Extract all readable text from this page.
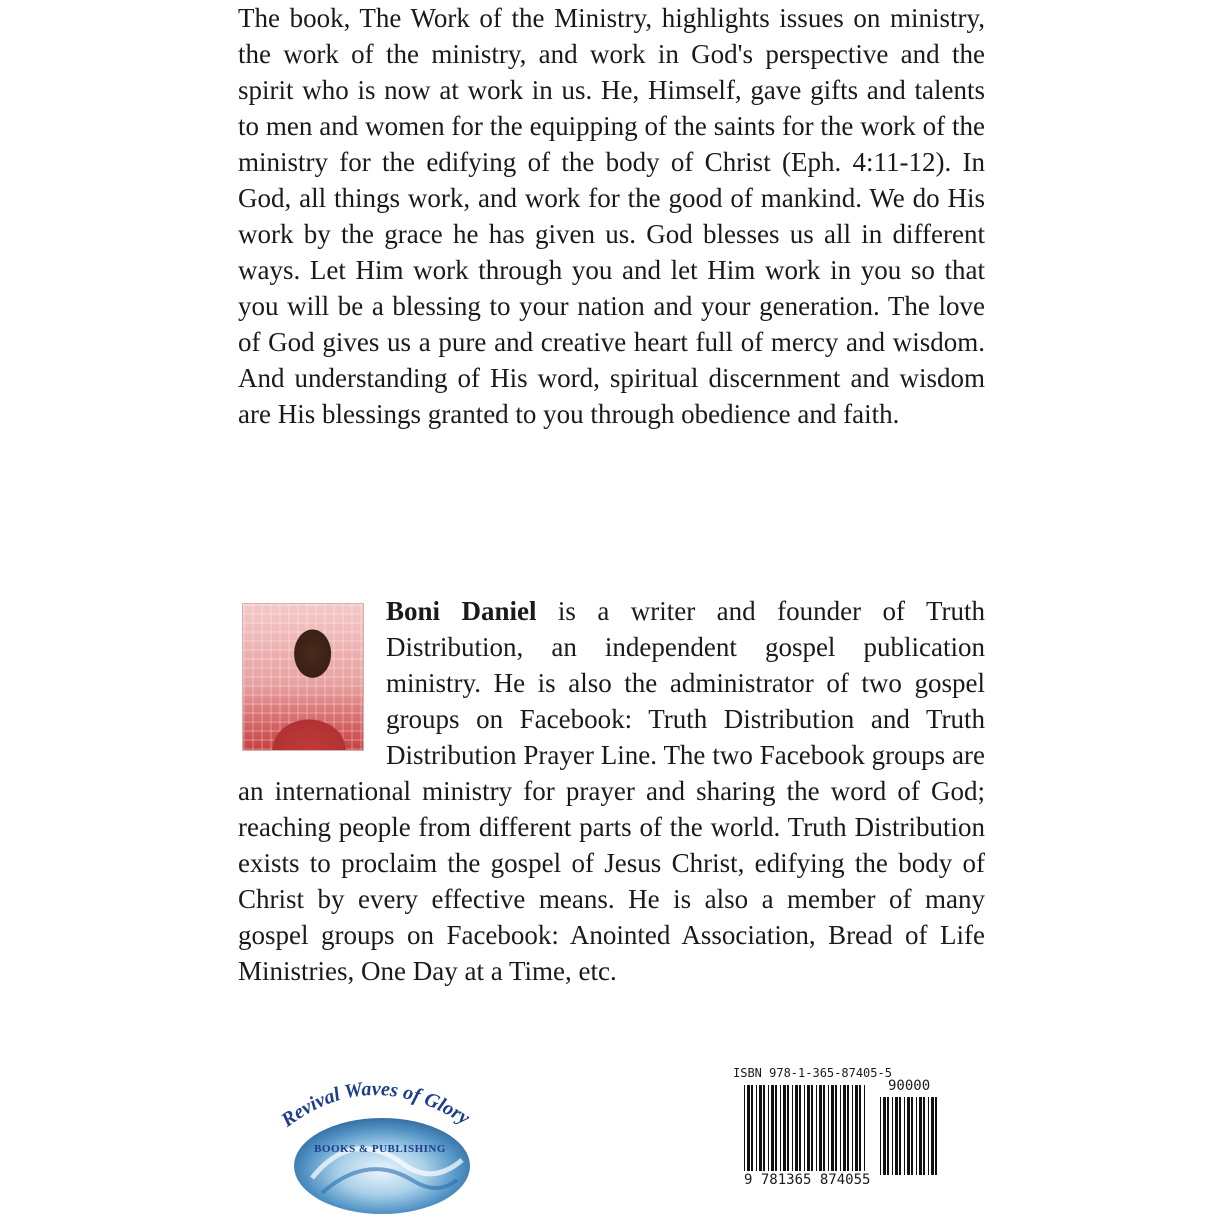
The book, The Work of the Ministry, highlights issues on ministry, the work of the ministry, and work in God's perspective and the spirit who is now at work in us. He, Himself, gave gifts and talents to men and women for the equipping of the saints for the work of the ministry for the edifying of the body of Christ (Eph. 4:11-12). In God, all things work, and work for the good of mankind. We do His work by the grace he has given us. God blesses us all in different ways. Let Him work through you and let Him work in you so that you will be a blessing to your nation and your generation. The love of God gives us a pure and creative heart full of mercy and wisdom. And understanding of His word, spiritual discernment and wisdom are His blessings granted to you through obedience and faith.

Boni Daniel is a writer and founder of Truth Distribution, an independent gospel publication ministry. He is also the administrator of two gospel groups on Facebook: Truth Distribution and Truth Distribution Prayer Line. The two Facebook groups are an international ministry for prayer and sharing the word of God; reaching people from different parts of the world. Truth Distribution exists to proclaim the gospel of Jesus Christ, edifying the body of Christ by every effective means. He is also a member of many gospel groups on Facebook: Anointed Association, Bread of Life Ministries, One Day at a Time, etc.
Revival Waves of Glory
BOOKS & PUBLISHING
ISBN 978-1-365-87405-5
90000
9 781365 874055
